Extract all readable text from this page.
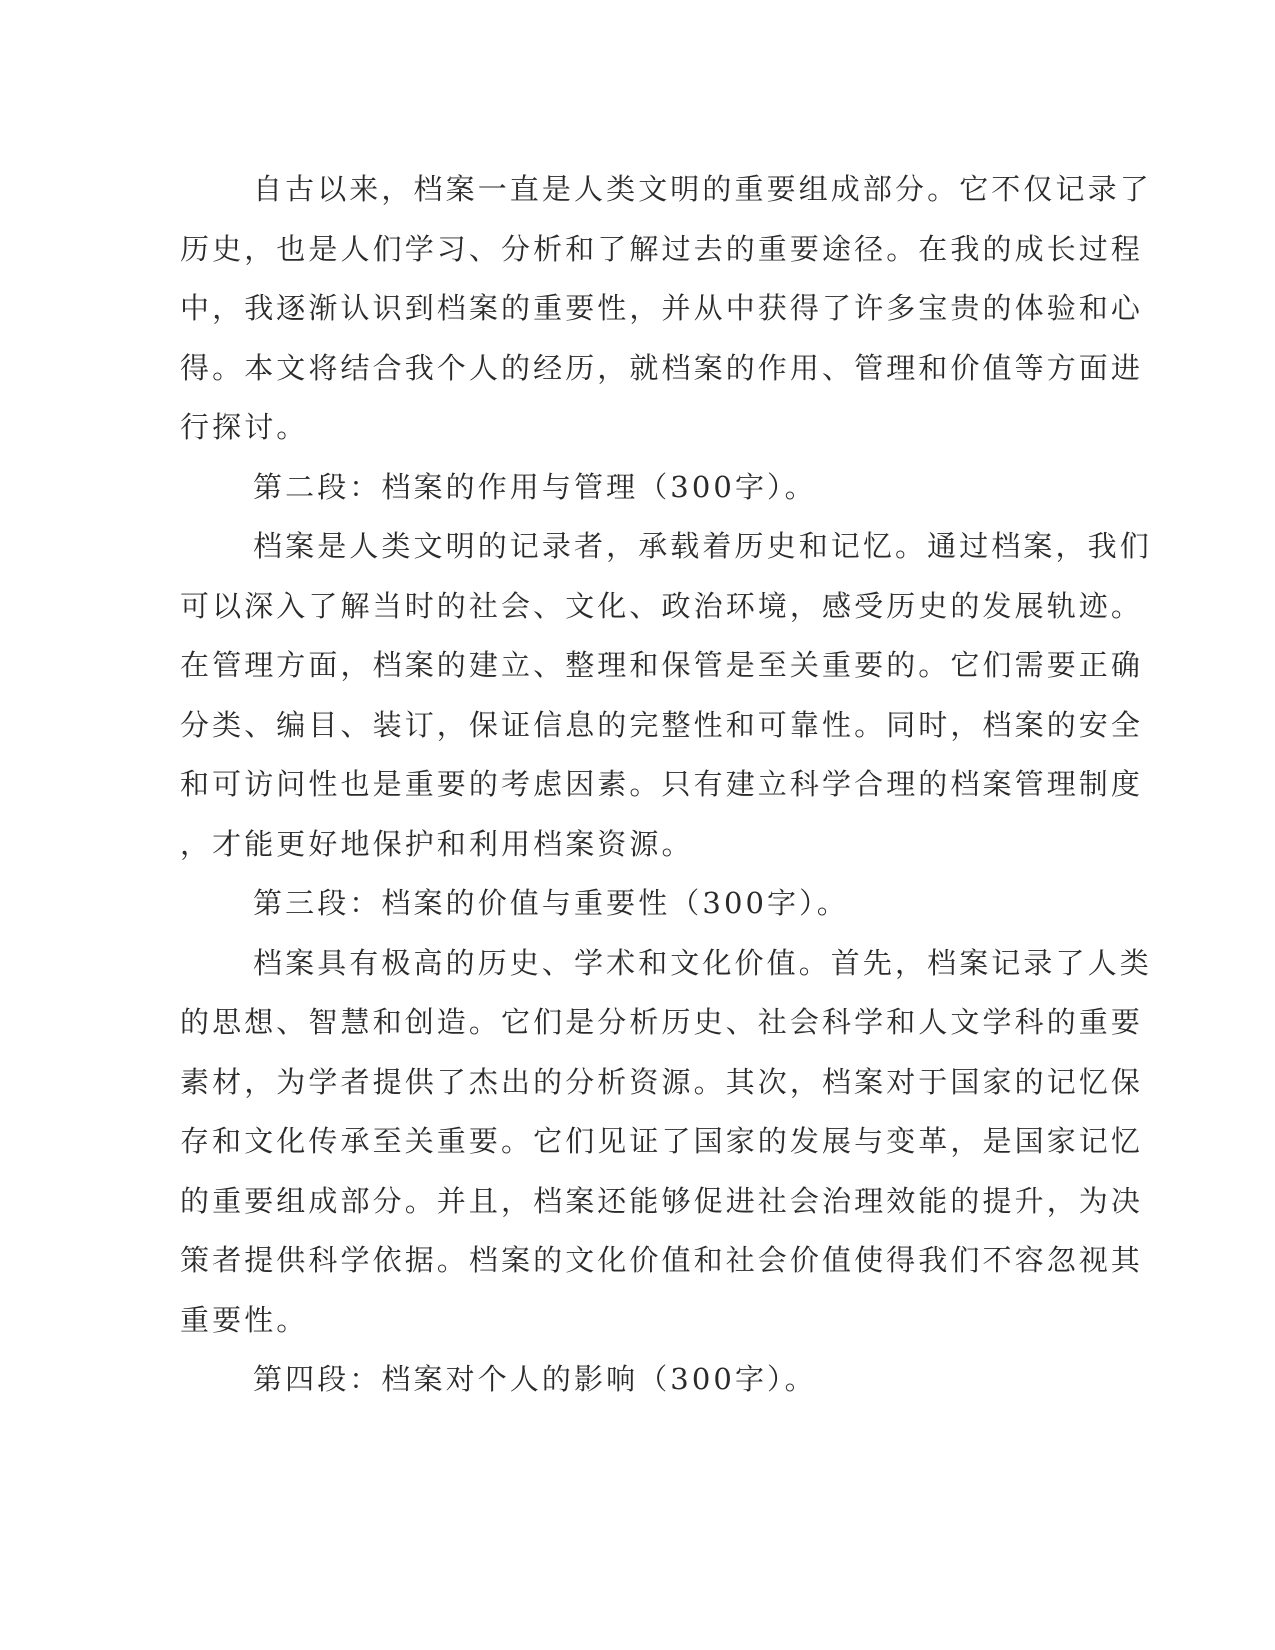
自古以来，档案一直是人类文明的重要组成部分。它不仅记录了
历史，也是人们学习、分析和了解过去的重要途径。在我的成长过程
中，我逐渐认识到档案的重要性，并从中获得了许多宝贵的体验和心
得。本文将结合我个人的经历，就档案的作用、管理和价值等方面进
行探讨。
第二段：档案的作用与管理（300字）。
档案是人类文明的记录者，承载着历史和记忆。通过档案，我们
可以深入了解当时的社会、文化、政治环境，感受历史的发展轨迹。
在管理方面，档案的建立、整理和保管是至关重要的。它们需要正确
分类、编目、装订，保证信息的完整性和可靠性。同时，档案的安全
和可访问性也是重要的考虑因素。只有建立科学合理的档案管理制度
，才能更好地保护和利用档案资源。
第三段：档案的价值与重要性（300字）。
档案具有极高的历史、学术和文化价值。首先，档案记录了人类
的思想、智慧和创造。它们是分析历史、社会科学和人文学科的重要
素材，为学者提供了杰出的分析资源。其次，档案对于国家的记忆保
存和文化传承至关重要。它们见证了国家的发展与变革，是国家记忆
的重要组成部分。并且，档案还能够促进社会治理效能的提升，为决
策者提供科学依据。档案的文化价值和社会价值使得我们不容忽视其
重要性。
第四段：档案对个人的影响（300字）。
